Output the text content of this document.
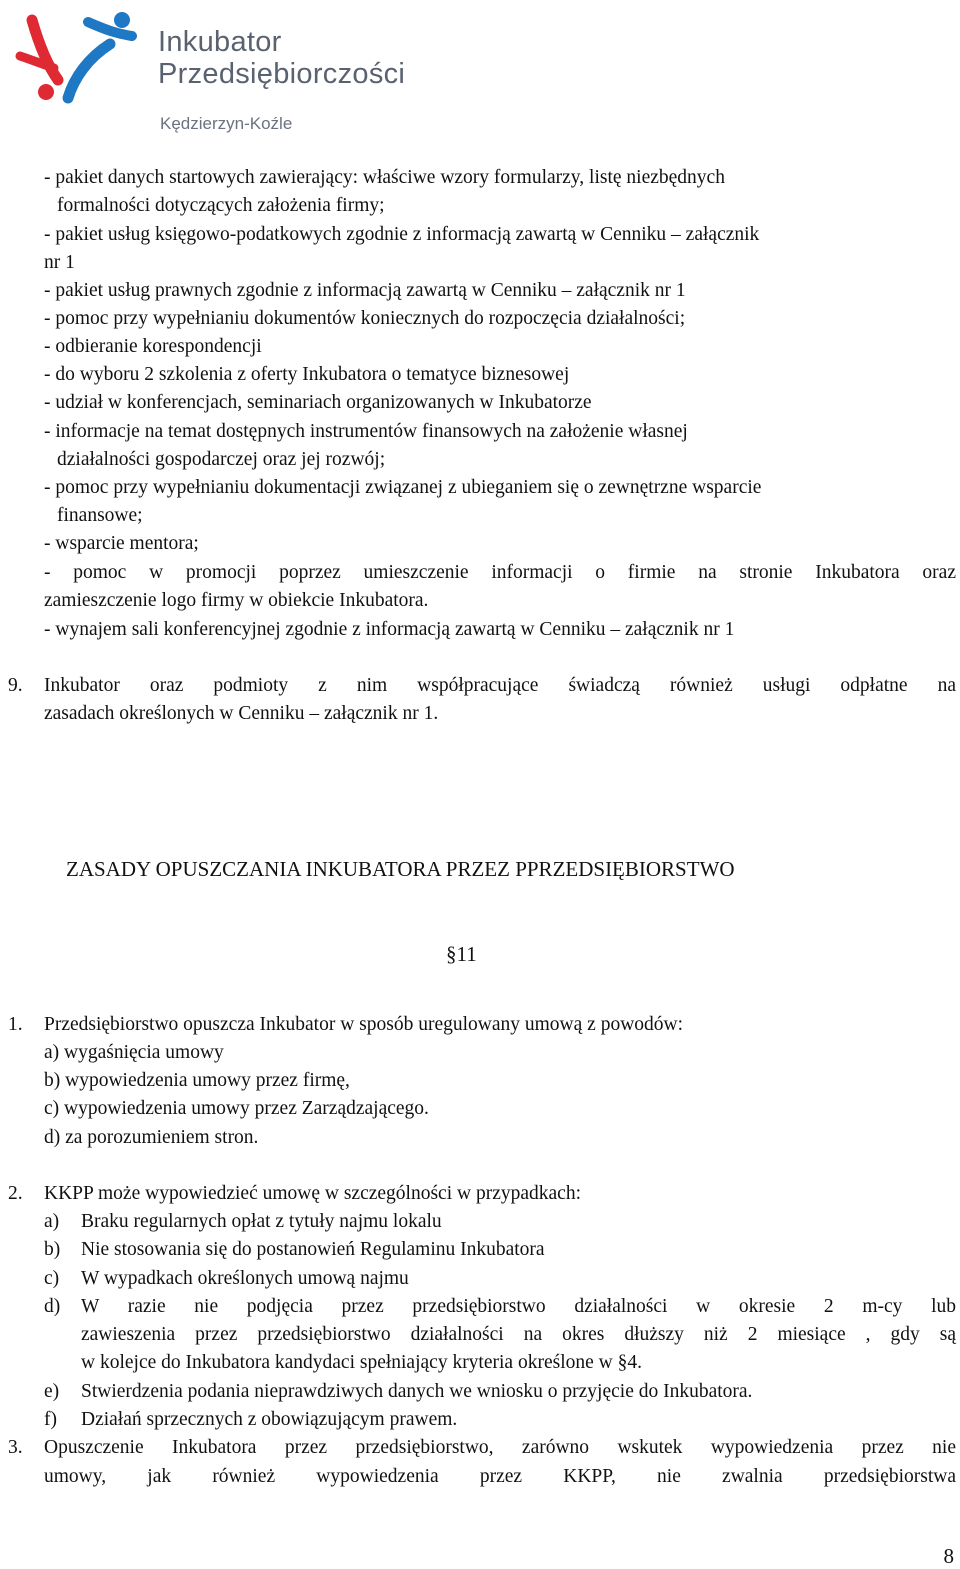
Inkubator
Przedsiębiorczości
Kędzierzyn-Koźle
- pakiet danych startowych zawierający: właściwe wzory formularzy, listę niezbędnych
formalności dotyczących założenia firmy;
- pakiet usług księgowo-podatkowych zgodnie z informacją zawartą w Cenniku – załącznik
nr 1
- pakiet usług prawnych zgodnie z informacją zawartą w Cenniku – załącznik nr 1
- pomoc przy wypełnianiu dokumentów koniecznych do rozpoczęcia działalności;
- odbieranie korespondencji
- do wyboru 2 szkolenia z oferty Inkubatora o tematyce biznesowej
- udział w konferencjach, seminariach organizowanych w Inkubatorze
- informacje na temat dostępnych instrumentów finansowych na założenie własnej
działalności gospodarczej oraz jej rozwój;
- pomoc przy wypełnianiu dokumentacji związanej z ubieganiem się o zewnętrzne wsparcie
finansowe;
- wsparcie mentora;
- pomoc w promocji poprzez umieszczenie informacji o firmie na stronie Inkubatora oraz
zamieszczenie logo firmy w obiekcie Inkubatora.
- wynajem sali konferencyjnej zgodnie z informacją zawartą w Cenniku – załącznik nr 1
9. Inkubator oraz podmioty z nim współpracujące świadczą również usługi odpłatne na
zasadach określonych w Cenniku – załącznik nr 1.
ZASADY OPUSZCZANIA INKUBATORA PRZEZ PPRZEDSIĘBIORSTWO
§11
1. Przedsiębiorstwo opuszcza Inkubator w sposób uregulowany umową z powodów:
a) wygaśnięcia umowy
b) wypowiedzenia umowy przez firmę,
c) wypowiedzenia umowy przez Zarządzającego.
d) za porozumieniem stron.
2. KKPP może wypowiedzieć umowę w szczególności w przypadkach:
a) Braku regularnych opłat z tytuły najmu lokalu
b) Nie stosowania się do postanowień Regulaminu Inkubatora
c) W wypadkach określonych umową najmu
d) W razie nie podjęcia przez przedsiębiorstwo działalności w okresie 2 m-cy lub
zawieszenia przez przedsiębiorstwo działalności na okres dłuższy niż 2 miesiące , gdy są
w kolejce do Inkubatora kandydaci spełniający kryteria określone w §4.
e) Stwierdzenia podania nieprawdziwych danych we wniosku o przyjęcie do Inkubatora.
f) Działań sprzecznych z obowiązującym prawem.
3. Opuszczenie Inkubatora przez przedsiębiorstwo, zarówno wskutek wypowiedzenia przez nie
umowy, jak również wypowiedzenia przez KKPP, nie zwalnia przedsiębiorstwa
8
